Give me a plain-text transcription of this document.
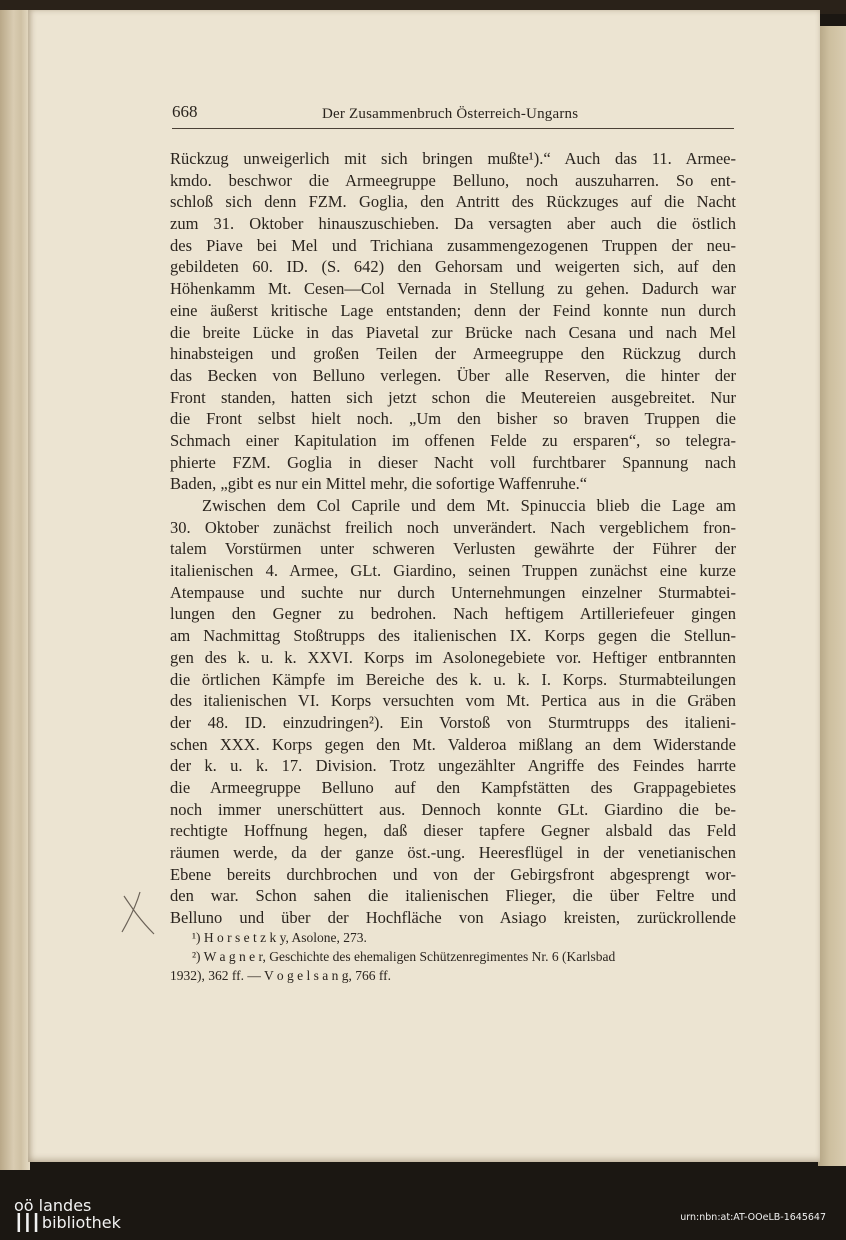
668	Der Zusammenbruch Österreich-Ungarns
Rückzug unweigerlich mit sich bringen mußte¹).“ Auch das 11. Armee-
kmdo. beschwor die Armeegruppe Belluno, noch auszuharren. So ent-
schloß sich denn FZM. Goglia, den Antritt des Rückzuges auf die Nacht
zum 31. Oktober hinauszuschieben. Da versagten aber auch die östlich
des Piave bei Mel und Trichiana zusammengezogenen Truppen der neu-
gebildeten 60. ID. (S. 642) den Gehorsam und weigerten sich, auf den
Höhenkamm Mt. Cesen—Col Vernada in Stellung zu gehen. Dadurch war
eine äußerst kritische Lage entstanden; denn der Feind konnte nun durch
die breite Lücke in das Piavetal zur Brücke nach Cesana und nach Mel
hinabsteigen und großen Teilen der Armeegruppe den Rückzug durch
das Becken von Belluno verlegen. Über alle Reserven, die hinter der
Front standen, hatten sich jetzt schon die Meutereien ausgebreitet. Nur
die Front selbst hielt noch. „Um den bisher so braven Truppen die
Schmach einer Kapitulation im offenen Felde zu ersparen“, so telegra-
phierte FZM. Goglia in dieser Nacht voll furchtbarer Spannung nach
Baden, „gibt es nur ein Mittel mehr, die sofortige Waffenruhe.“
Zwischen dem Col Caprile und dem Mt. Spinuccia blieb die Lage am
30. Oktober zunächst freilich noch unverändert. Nach vergeblichem fron-
talem Vorstürmen unter schweren Verlusten gewährte der Führer der
italienischen 4. Armee, GLt. Giardino, seinen Truppen zunächst eine kurze
Atempause und suchte nur durch Unternehmungen einzelner Sturmabtei-
lungen den Gegner zu bedrohen. Nach heftigem Artilleriefeuer gingen
am Nachmittag Stoßtrupps des italienischen IX. Korps gegen die Stellun-
gen des k. u. k. XXVI. Korps im Asolonegebiete vor. Heftiger entbrannten
die örtlichen Kämpfe im Bereiche des k. u. k. I. Korps. Sturmabteilungen
des italienischen VI. Korps versuchten vom Mt. Pertica aus in die Gräben
der 48. ID. einzudringen²). Ein Vorstoß von Sturmtrupps des italieni-
schen XXX. Korps gegen den Mt. Valderoa mißlang an dem Widerstande
der k. u. k. 17. Division. Trotz ungezählter Angriffe des Feindes harrte
die Armeegruppe Belluno auf den Kampfstätten des Grappagebietes
noch immer unerschüttert aus. Dennoch konnte GLt. Giardino die be-
rechtigte Hoffnung hegen, daß dieser tapfere Gegner alsbald das Feld
räumen werde, da der ganze öst.-ung. Heeresflügel in der venetianischen
Ebene bereits durchbrochen und von der Gebirgsfront abgesprengt wor-
den war. Schon sahen die italienischen Flieger, die über Feltre und
Belluno und über der Hochfläche von Asiago kreisten, zurückrollende
¹) H o r s e t z k y, Asolone, 273.
²) W a g n e r, Geschichte des ehemaligen Schützenregimentes Nr. 6 (Karlsbad
1932), 362 ff. — V o g e l s a n g, 766 ff.
oö landes
┃┃┃ bibliothek	urn:nbn:at:AT-OOeLB-1645647
